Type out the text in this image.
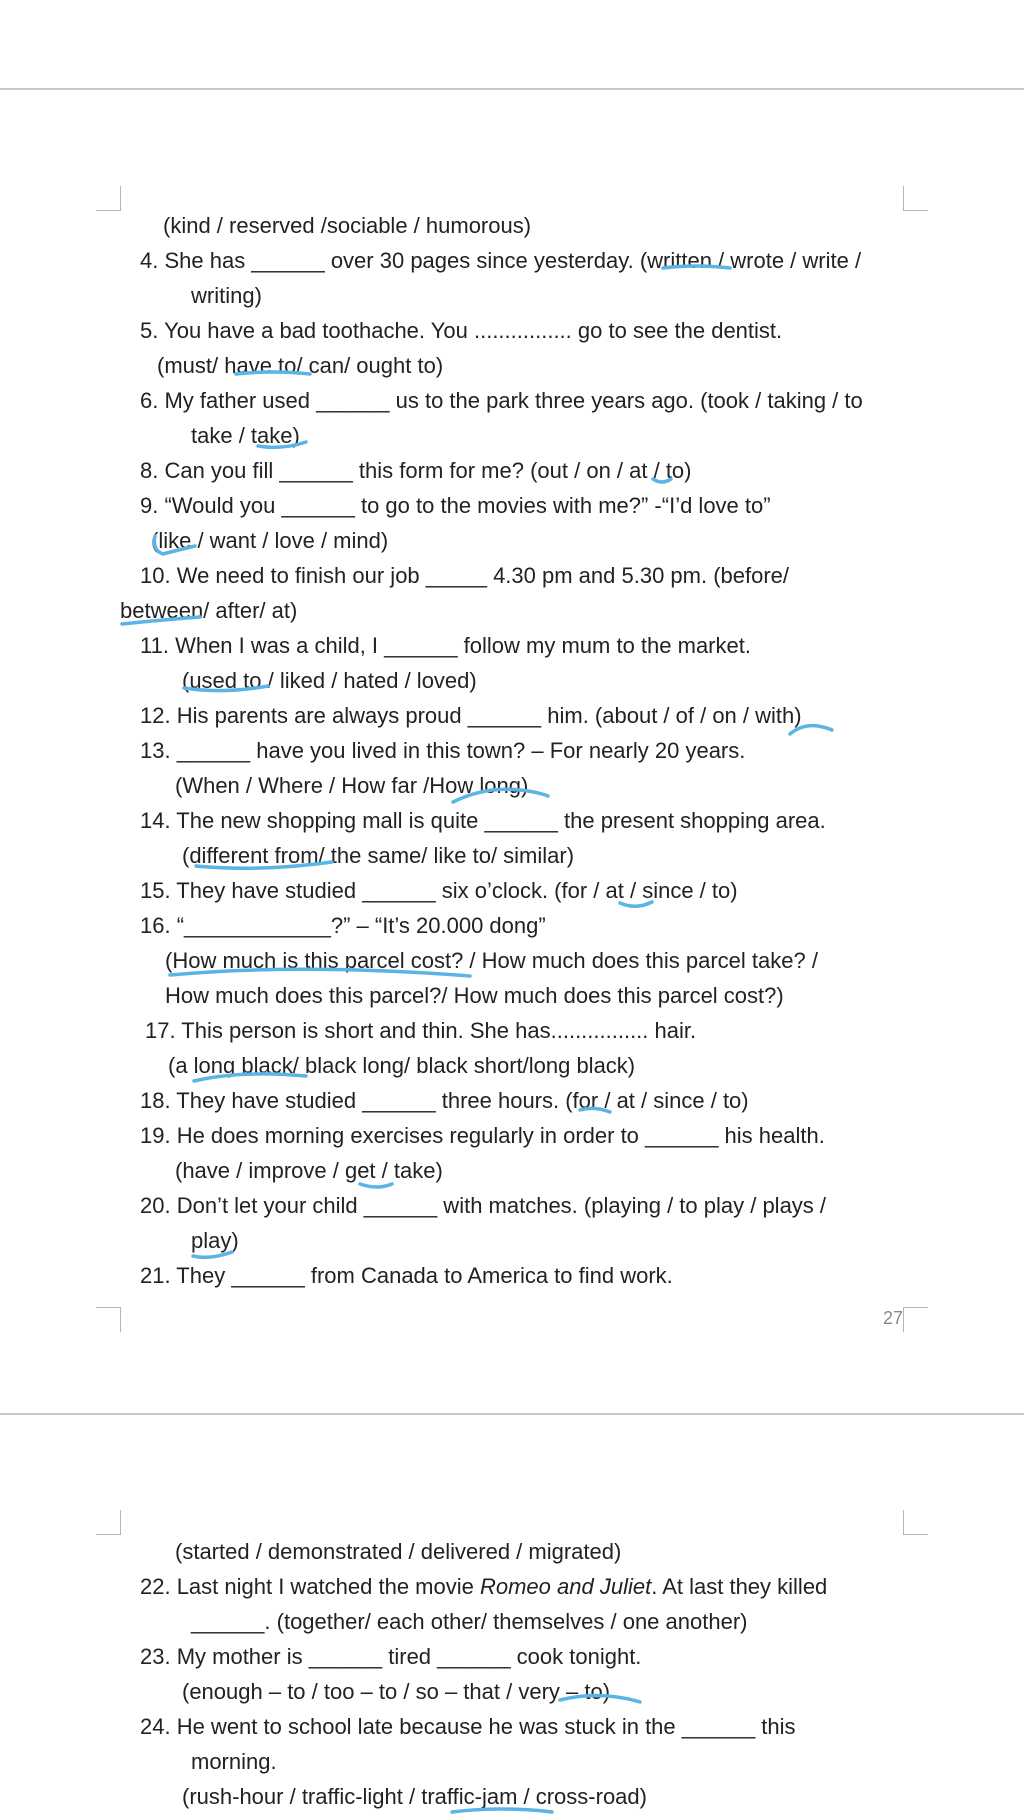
(kind / reserved /sociable / humorous)
4. She has ______ over 30 pages since yesterday. (written / wrote / write /
writing)
5. You have a bad toothache. You ................ go to see the dentist.
(must/ have to/ can/ ought to)
6. My father used ______ us to the park three years ago. (took / taking / to
take / take)
8. Can you fill ______ this form for me? (out / on / at / to)
9. “Would you ______ to go to the movies with me?” -“I’d love to”
(like / want / love / mind)
10. We need to finish our job _____ 4.30 pm and 5.30 pm. (before/
between/ after/ at)
11. When I was a child, I ______ follow my mum to the market.
(used to / liked / hated / loved)
12. His parents are always proud ______ him. (about / of / on / with)
13. ______ have you lived in this town? – For nearly 20 years.
(When / Where / How far /How long)
14. The new shopping mall is quite ______ the present shopping area.
(different from/ the same/ like to/ similar)
15. They have studied ______ six o’clock. (for / at / since / to)
16. “____________?” – “It’s 20.000 dong”
(How much is this parcel cost? / How much does this parcel take? /
How much does this parcel?/ How much does this parcel cost?)
17. This person is short and thin. She has................ hair.
(a long black/ black long/ black short/long black)
18. They have studied ______ three hours. (for / at / since / to)
19. He does morning exercises regularly in order to ______ his health.
(have / improve / get / take)
20. Don’t let your child ______ with matches. (playing / to play / plays /
play)
21. They ______ from Canada to America to find work.
27
(started / demonstrated / delivered / migrated)
22. Last night I watched the movie Romeo and Juliet. At last they killed
______. (together/ each other/ themselves / one another)
23. My mother is ______ tired ______ cook tonight.
(enough – to / too – to / so – that / very – to)
24. He went to school late because he was stuck in the ______ this
morning.
(rush-hour / traffic-light / traffic-jam / cross-road)
